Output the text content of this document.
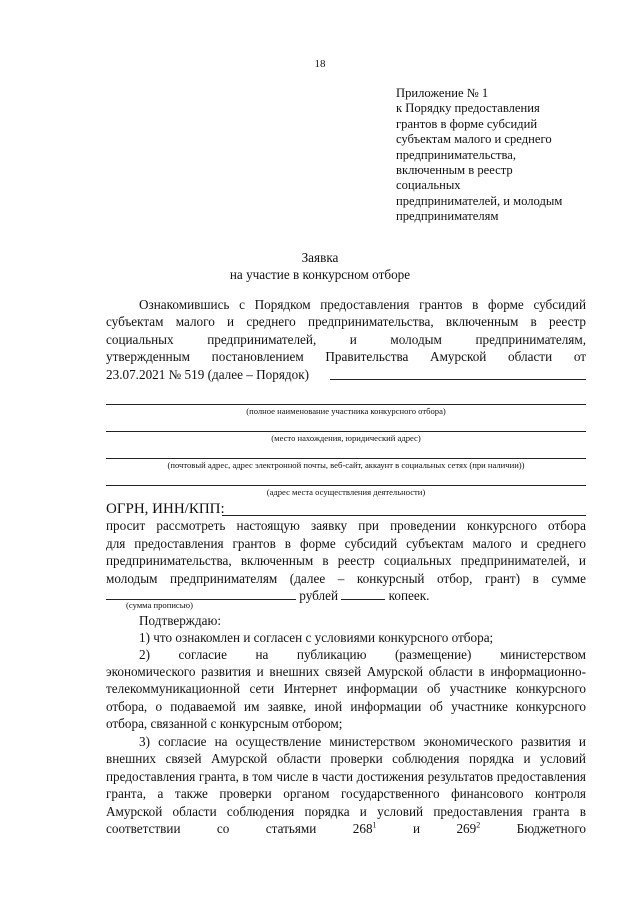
18
Приложение № 1
к Порядку предоставления
грантов в форме субсидий
субъектам малого и среднего
предпринимательства,
включенным в реестр
социальных
предпринимателей, и молодым
предпринимателям
Заявка
на участие в конкурсном отборе
Ознакомившись с Порядком предоставления грантов в форме субсидий
субъектам малого и среднего предпринимательства, включенным в реестр
социальных предпринимателей, и молодым предпринимателям,
утвержденным постановлением Правительства Амурской области от
23.07.2021 № 519 (далее – Порядок)
(полное наименование участника конкурсного отбора)
(место нахождения, юридический адрес)
(почтовый адрес, адрес электронной почты, веб-сайт, аккаунт в социальных сетях (при наличии))
(адрес места осуществления деятельности)
ОГРН, ИНН/КПП:
просит рассмотреть настоящую заявку при проведении конкурсного отбора
для предоставления грантов в форме субсидий субъектам малого и среднего
предпринимательства, включенным в реестр социальных предпринимателей, и
молодым предпринимателям (далее – конкурсный отбор, грант) в сумме
рублей	копеек.
(сумма прописью)
Подтверждаю:
1) что ознакомлен и согласен с условиями конкурсного отбора;
2) согласие на публикацию (размещение) министерством
экономического развития и внешних связей Амурской области в информационно-телекоммуникационной сети Интернет информации об участнике конкурсного отбора, о подаваемой им заявке, иной информации об участнике конкурсного отбора, связанной с конкурсным отбором;
3) согласие на осуществление министерством экономического развития и внешних связей Амурской области проверки соблюдения порядка и условий предоставления гранта, в том числе в части достижения результатов предоставления гранта, а также проверки органом государственного финансового контроля Амурской области соблюдения порядка и условий предоставления гранта в соответствии со статьями $268^1$ и $269^2$ Бюджетного
